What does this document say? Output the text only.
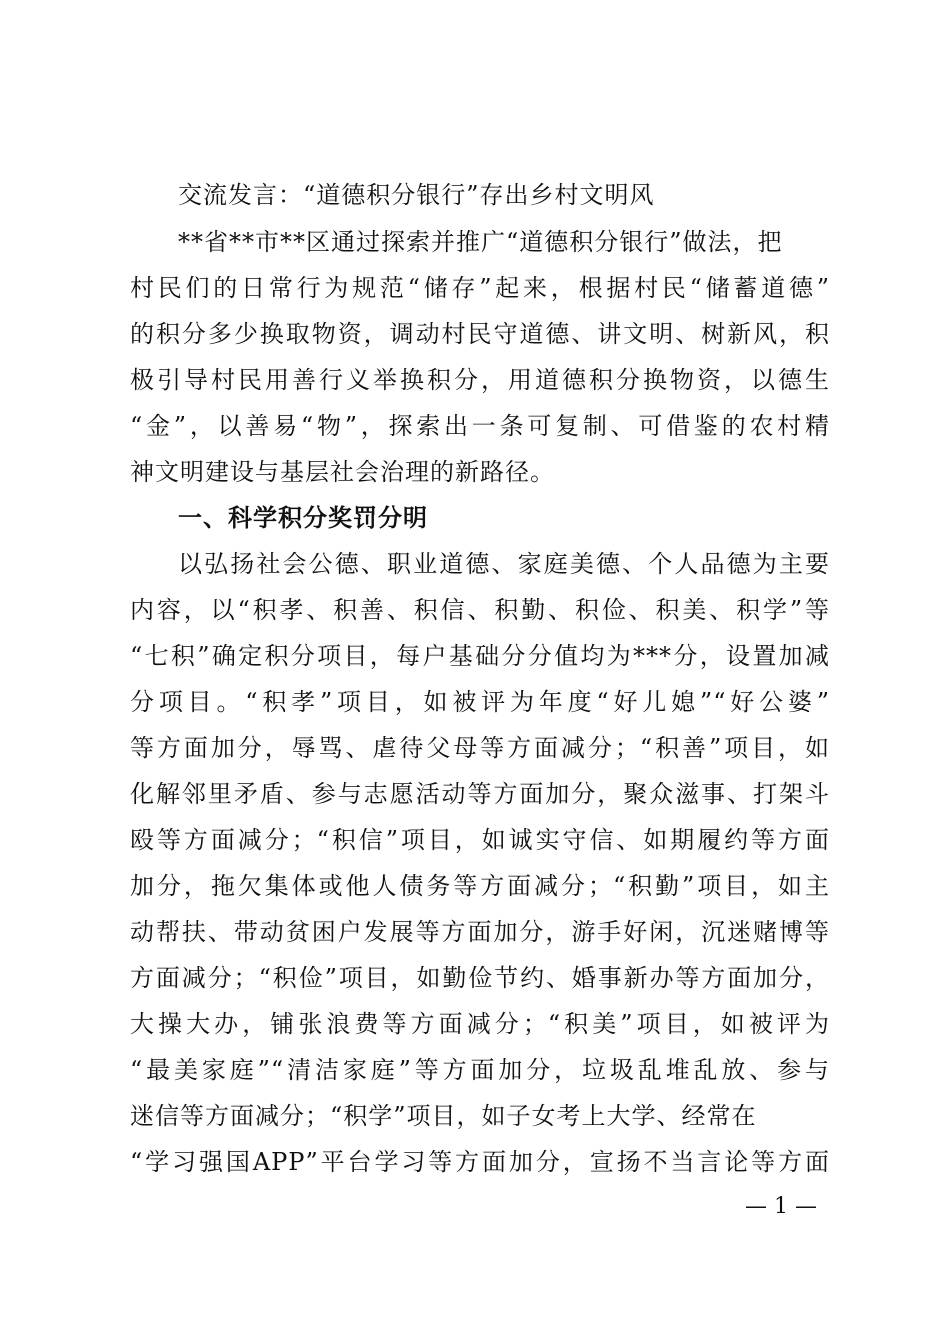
交流发言：“道德积分银行”存出乡村文明风
**省**市**区通过探索并推广“道德积分银行”做法，把
村民们的日常行为规范“储存”起来，根据村民“储蓄道德”
的积分多少换取物资，调动村民守道德、讲文明、树新风，积
极引导村民用善行义举换积分，用道德积分换物资，以德生
“金”，以善易“物”，探索出一条可复制、可借鉴的农村精
神文明建设与基层社会治理的新路径。
一、科学积分奖罚分明
以弘扬社会公德、职业道德、家庭美德、个人品德为主要
内容，以“积孝、积善、积信、积勤、积俭、积美、积学”等
“七积”确定积分项目，每户基础分分值均为***分，设置加减
分项目。“积孝”项目，如被评为年度“好儿媳”“好公婆”
等方面加分，辱骂、虐待父母等方面减分；“积善”项目，如
化解邻里矛盾、参与志愿活动等方面加分，聚众滋事、打架斗
殴等方面减分；“积信”项目，如诚实守信、如期履约等方面
加分，拖欠集体或他人债务等方面减分；“积勤”项目，如主
动帮扶、带动贫困户发展等方面加分，游手好闲，沉迷赌博等
方面减分；“积俭”项目，如勤俭节约、婚事新办等方面加分，
大操大办，铺张浪费等方面减分；“积美”项目，如被评为
“最美家庭”“清洁家庭”等方面加分，垃圾乱堆乱放、参与
迷信等方面减分；“积学”项目，如子女考上大学、经常在
“学习强国APP”平台学习等方面加分，宣扬不当言论等方面
— 1 —
